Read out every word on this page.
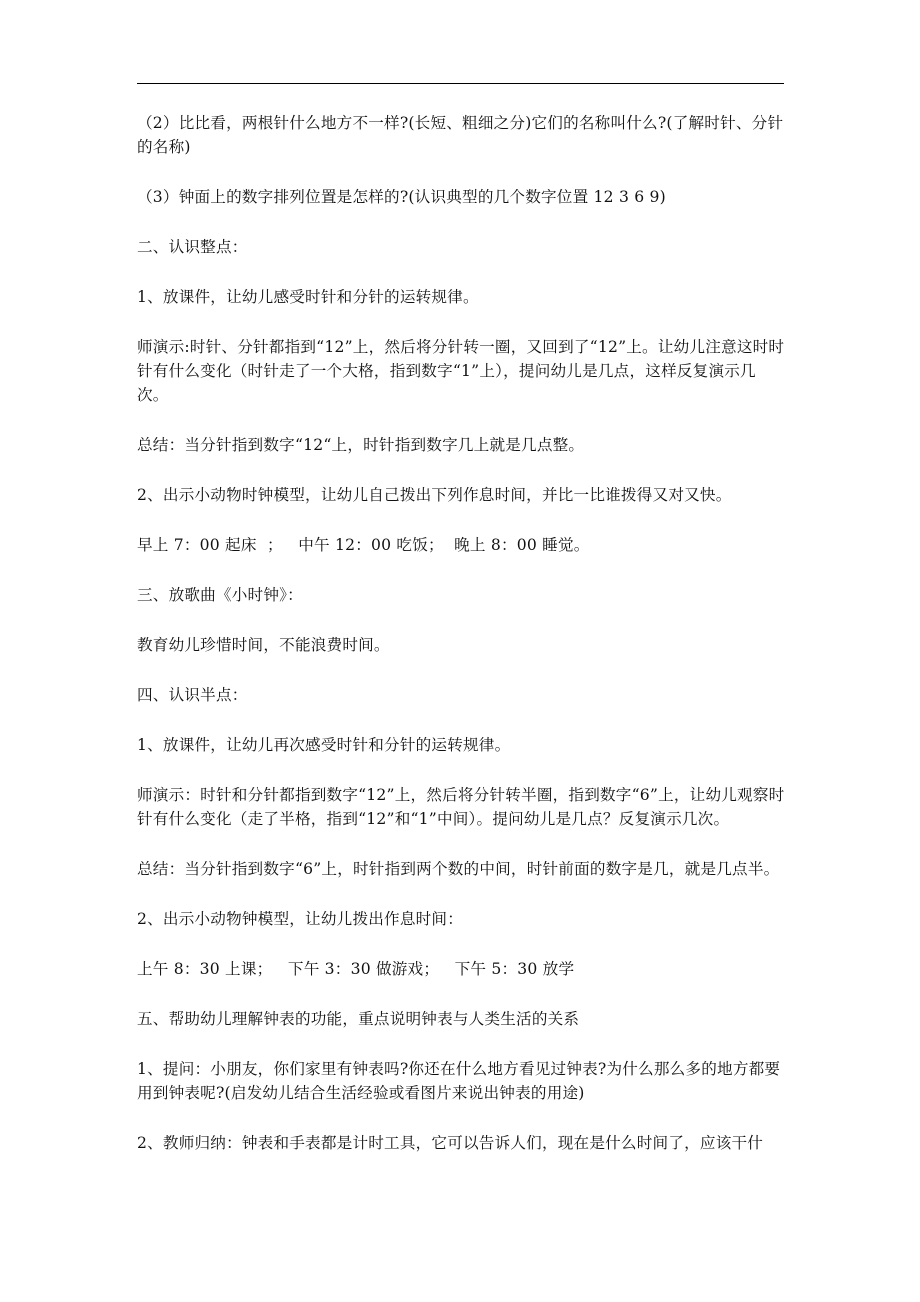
（2）比比看，两根针什么地方不一样?(长短、粗细之分)它们的名称叫什么?(了解时针、分针的名称)

（3）钟面上的数字排列位置是怎样的?(认识典型的几个数字位置 12 3 6 9)

二、认识整点：

1、放课件，让幼儿感受时针和分针的运转规律。

师演示:时针、分针都指到“12”上，然后将分针转一圈，又回到了“12”上。让幼儿注意这时时针有什么变化（时针走了一个大格，指到数字“1”上），提问幼儿是几点，这样反复演示几次。

总结：当分针指到数字“12“上，时针指到数字几上就是几点整。

2、出示小动物时钟模型，让幼儿自己拨出下列作息时间，并比一比谁拨得又对又快。

早上 7：00 起床  ；   中午 12：00 吃饭；  晚上 8：00 睡觉。

三、放歌曲《小时钟》：

教育幼儿珍惜时间，不能浪费时间。

四、认识半点：

1、放课件，让幼儿再次感受时针和分针的运转规律。

师演示：时针和分针都指到数字“12”上，然后将分针转半圈，指到数字“6”上，让幼儿观察时针有什么变化（走了半格，指到“12”和“1”中间）。提问幼儿是几点？反复演示几次。

总结：当分针指到数字“6”上，时针指到两个数的中间，时针前面的数字是几，就是几点半。

2、出示小动物钟模型，让幼儿拨出作息时间：

上午 8：30 上课；   下午 3：30 做游戏；   下午 5：30 放学

五、帮助幼儿理解钟表的功能，重点说明钟表与人类生活的关系

1、提问：小朋友，你们家里有钟表吗?你还在什么地方看见过钟表?为什么那么多的地方都要用到钟表呢?(启发幼儿结合生活经验或看图片来说出钟表的用途)

2、教师归纳：钟表和手表都是计时工具，它可以告诉人们，现在是什么时间了，应该干什
